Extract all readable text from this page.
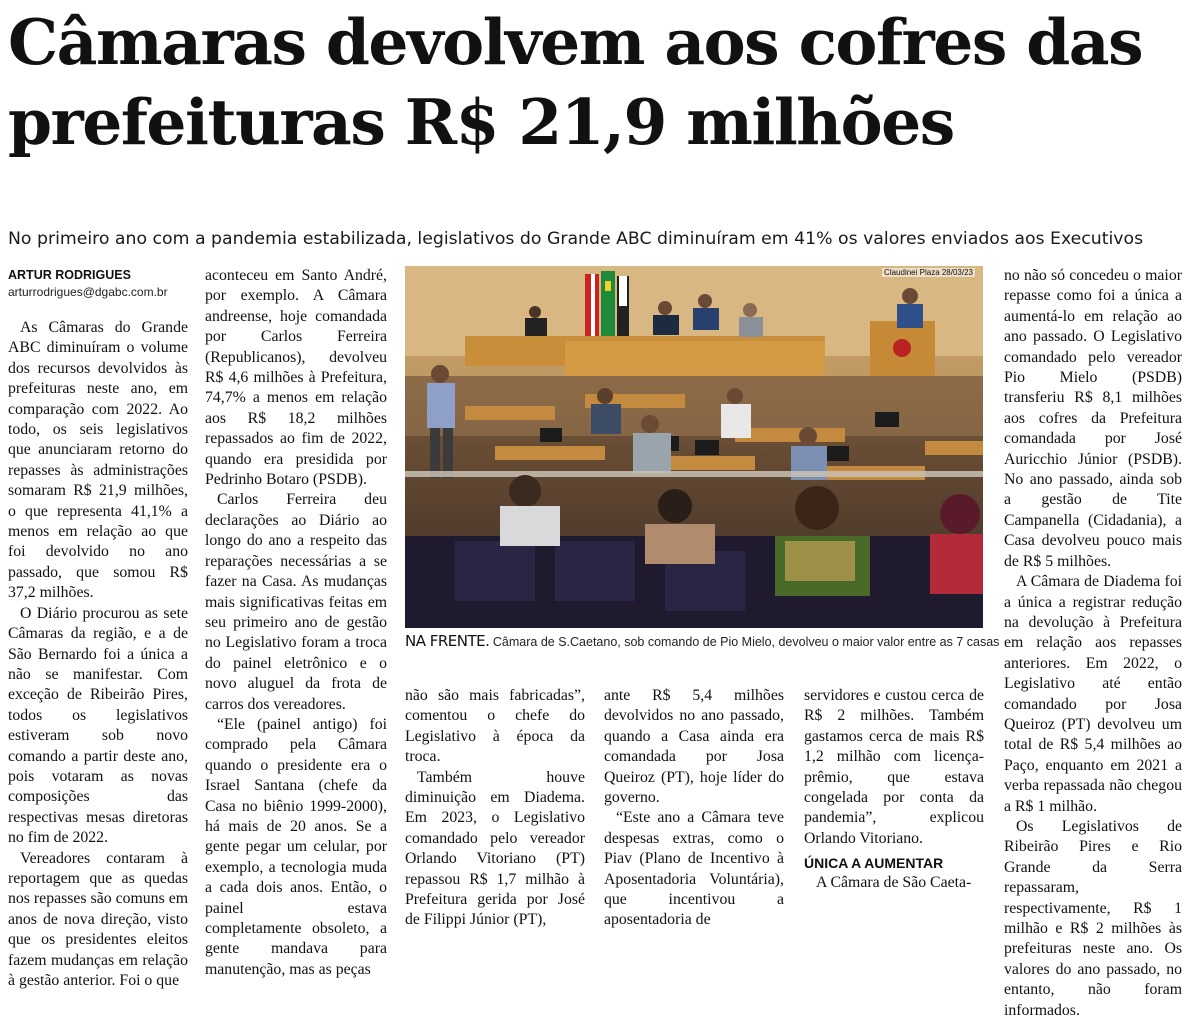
Câmaras devolvem aos cofres das prefeituras R$ 21,9 milhões

No primeiro ano com a pandemia estabilizada, legislativos do Grande ABC diminuíram em 41% os valores enviados aos Executivos

ARTUR RODRIGUES
arturrodrigues@dgabc.com.br

As Câmaras do Grande ABC diminuíram o volume dos recursos devolvidos às prefeituras neste ano, em comparação com 2022. Ao todo, os seis legislativos que anunciaram retorno do repasses às administrações somaram R$ 21,9 milhões, o que representa 41,1% a menos em relação ao que foi devolvido no ano passado, que somou R$ 37,2 milhões.

O Diário procurou as sete Câmaras da região, e a de São Bernardo foi a única a não se manifestar. Com exceção de Ribeirão Pires, todos os legislativos estiveram sob novo comando a partir deste ano, pois votaram as novas composições das respectivas mesas diretoras no fim de 2022.

Vereadores contaram à reportagem que as quedas nos repasses são comuns em anos de nova direção, visto que os presidentes eleitos fazem mudanças em relação à gestão anterior. Foi o que

aconteceu em Santo André, por exemplo. A Câmara andreense, hoje comandada por Carlos Ferreira (Republicanos), devolveu R$ 4,6 milhões à Prefeitura, 74,7% a menos em relação aos R$ 18,2 milhões repassados ao fim de 2022, quando era presidida por Pedrinho Botaro (PSDB).

Carlos Ferreira deu declarações ao Diário ao longo do ano a respeito das reparações necessárias a se fazer na Casa. As mudanças mais significativas feitas em seu primeiro ano de gestão no Legislativo foram a troca do painel eletrônico e o novo aluguel da frota de carros dos vereadores.

“Ele (painel antigo) foi comprado pela Câmara quando o presidente era o Israel Santana (chefe da Casa no biênio 1999-2000), há mais de 20 anos. Se a gente pegar um celular, por exemplo, a tecnologia muda a cada dois anos. Então, o painel estava completamente obsoleto, a gente mandava para manutenção, mas as peças

Claudinei Plaza 28/03/23
NA FRENTE. Câmara de S.Caetano, sob comando de Pio Mielo, devolveu o maior valor entre as 7 casas

não são mais fabricadas”, comentou o chefe do Legislativo à época da troca.

Também houve diminuição em Diadema. Em 2023, o Legislativo comandado pelo vereador Orlando Vitoriano (PT) repassou R$ 1,7 milhão à Prefeitura gerida por José de Filippi Júnior (PT),

ante R$ 5,4 milhões devolvidos no ano passado, quando a Casa ainda era comandada por Josa Queiroz (PT), hoje líder do governo.

“Este ano a Câmara teve despesas extras, como o Piav (Plano de Incentivo à Aposentadoria Voluntária), que incentivou a aposentadoria de

servidores e custou cerca de R$ 2 milhões. Também gastamos cerca de mais R$ 1,2 milhão com licença-prêmio, que estava congelada por conta da pandemia”, explicou Orlando Vitoriano.

ÚNICA A AUMENTAR

A Câmara de São Caeta-

no não só concedeu o maior repasse como foi a única a aumentá-lo em relação ao ano passado. O Legislativo comandado pelo vereador Pio Mielo (PSDB) transferiu R$ 8,1 milhões aos cofres da Prefeitura comandada por José Auricchio Júnior (PSDB). No ano passado, ainda sob a gestão de Tite Campanella (Cidadania), a Casa devolveu pouco mais de R$ 5 milhões.

A Câmara de Diadema foi a única a registrar redução na devolução à Prefeitura em relação aos repasses anteriores. Em 2022, o Legislativo até então comandado por Josa Queiroz (PT) devolveu um total de R$ 5,4 milhões ao Paço, enquanto em 2021 a verba repassada não chegou a R$ 1 milhão.

Os Legislativos de Ribeirão Pires e Rio Grande da Serra repassaram, respectivamente, R$ 1 milhão e R$ 2 milhões às prefeituras neste ano. Os valores do ano passado, no entanto, não foram informados.
